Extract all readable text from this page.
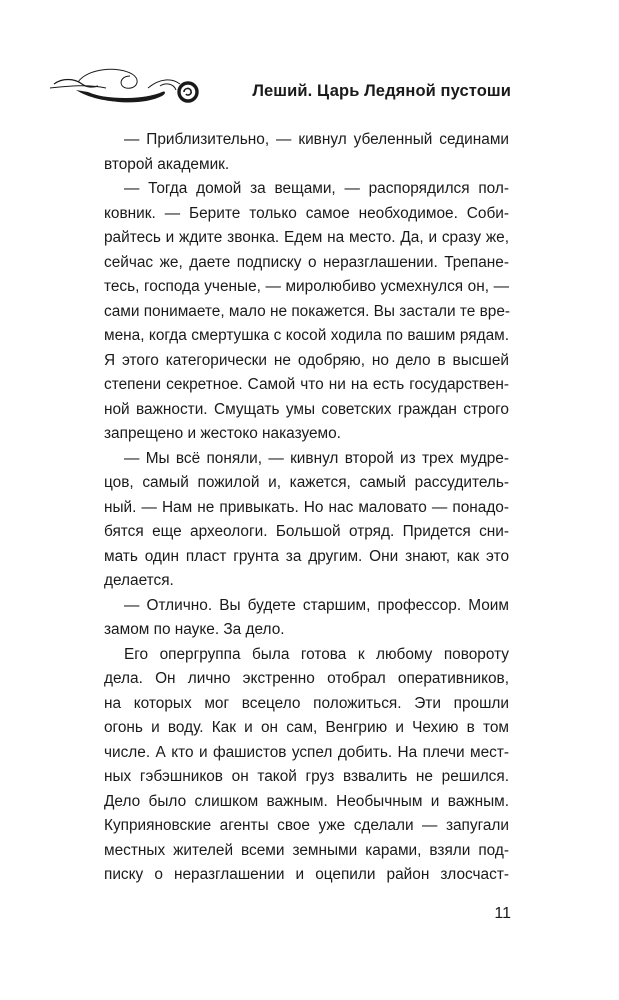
Леший. Царь Ледяной пустоши
— Приблизительно, — кивнул убеленный сединами
второй академик.
— Тогда домой за вещами, — распорядился пол-
ковник. — Берите только самое необходимое. Соби-
райтесь и ждите звонка. Едем на место. Да, и сразу же,
сейчас же, даете подписку о неразглашении. Трепане-
тесь, господа ученые, — миролюбиво усмехнулся он, —
сами понимаете, мало не покажется. Вы застали те вре-
мена, когда смертушка с косой ходила по вашим рядам.
Я этого категорически не одобряю, но дело в высшей
степени секретное. Самой что ни на есть государствен-
ной важности. Смущать умы советских граждан строго
запрещено и жестоко наказуемо.
— Мы всё поняли, — кивнул второй из трех мудре-
цов, самый пожилой и, кажется, самый рассудитель-
ный. — Нам не привыкать. Но нас маловато — понадо-
бятся еще археологи. Большой отряд. Придется сни-
мать один пласт грунта за другим. Они знают, как это
делается.
— Отлично. Вы будете старшим, профессор. Моим
замом по науке. За дело.
Его опергруппа была готова к любому повороту
дела. Он лично экстренно отобрал оперативников,
на которых мог всецело положиться. Эти прошли
огонь и воду. Как и он сам, Венгрию и Чехию в том
числе. А кто и фашистов успел добить. На плечи мест-
ных гэбэшников он такой груз взвалить не решился.
Дело было слишком важным. Необычным и важным.
Куприяновские агенты свое уже сделали — запугали
местных жителей всеми земными карами, взяли под-
писку о неразглашении и оцепили район злосчаст-
11
